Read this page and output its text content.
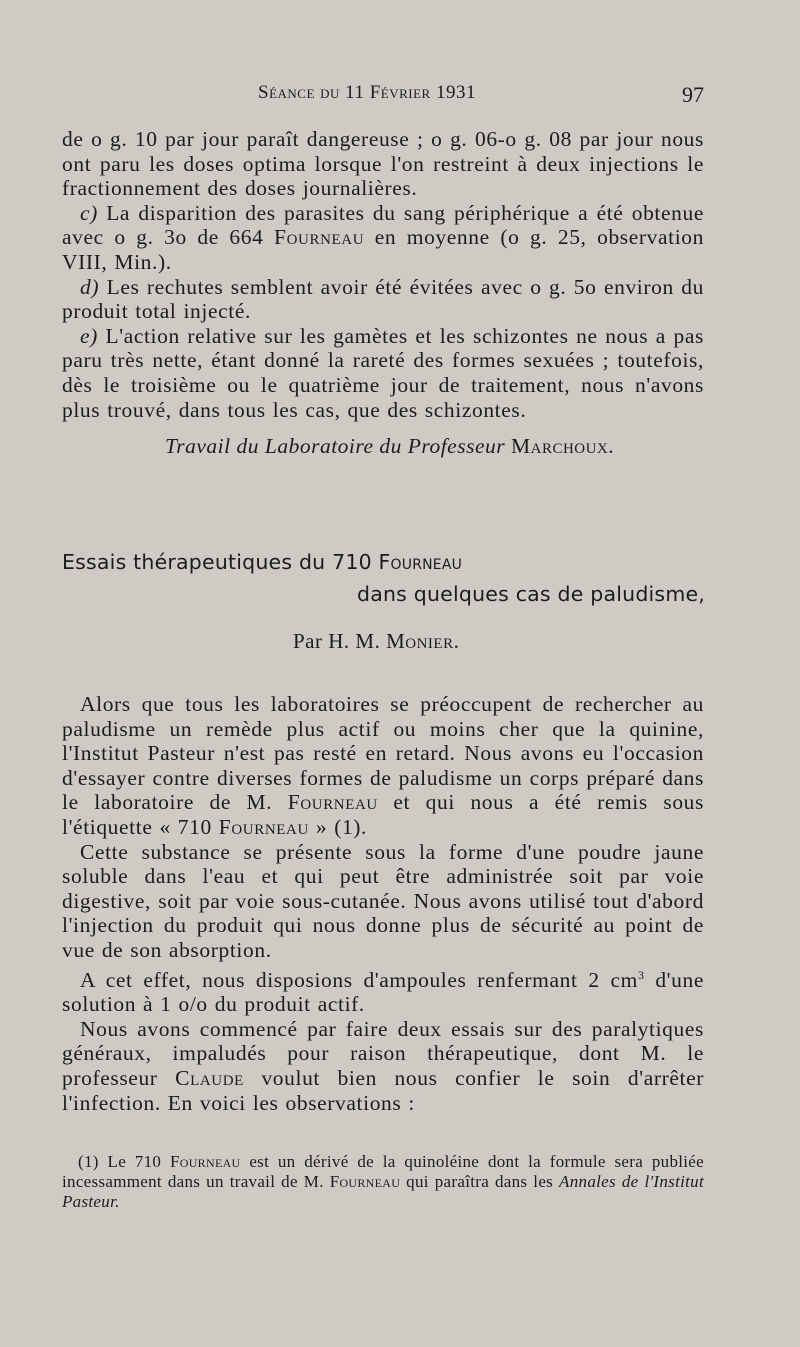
Séance du 11 Février 1931	97

de o g. 10 par jour paraît dangereuse ; o g. 06-o g. 08 par jour nous ont paru les doses optima lorsque l'on restreint à deux injections le fractionnement des doses journalières.

c) La disparition des parasites du sang périphérique a été obtenue avec o g. 3o de 664 Fourneau en moyenne (o g. 25, observation VIII, Min.).

d) Les rechutes semblent avoir été évitées avec o g. 5o environ du produit total injecté.

e) L'action relative sur les gamètes et les schizontes ne nous a pas paru très nette, étant donné la rareté des formes sexuées ; toutefois, dès le troisième ou le quatrième jour de traitement, nous n'avons plus trouvé, dans tous les cas, que des schizontes.

Travail du Laboratoire du Professeur Marchoux.
Essais thérapeutiques du 710 Fourneau
dans quelques cas de paludisme,
Par H. M. Monier.

Alors que tous les laboratoires se préoccupent de rechercher au paludisme un remède plus actif ou moins cher que la quinine, l'Institut Pasteur n'est pas resté en retard. Nous avons eu l'occasion d'essayer contre diverses formes de paludisme un corps préparé dans le laboratoire de M. Fourneau et qui nous a été remis sous l'étiquette « 710 Fourneau » (1).

Cette substance se présente sous la forme d'une poudre jaune soluble dans l'eau et qui peut être administrée soit par voie digestive, soit par voie sous-cutanée. Nous avons utilisé tout d'abord l'injection du produit qui nous donne plus de sécurité au point de vue de son absorption.

A cet effet, nous disposions d'ampoules renfermant 2 $cm^3$ d'une solution à 1 o/o du produit actif.

Nous avons commencé par faire deux essais sur des paralytiques généraux, impaludés pour raison thérapeutique, dont M. le professeur Claude voulut bien nous confier le soin d'arrêter l'infection. En voici les observations :

(1) Le 710 Fourneau est un dérivé de la quinoléine dont la formule sera publiée incessamment dans un travail de M. Fourneau qui paraîtra dans les Annales de l'Institut Pasteur.
